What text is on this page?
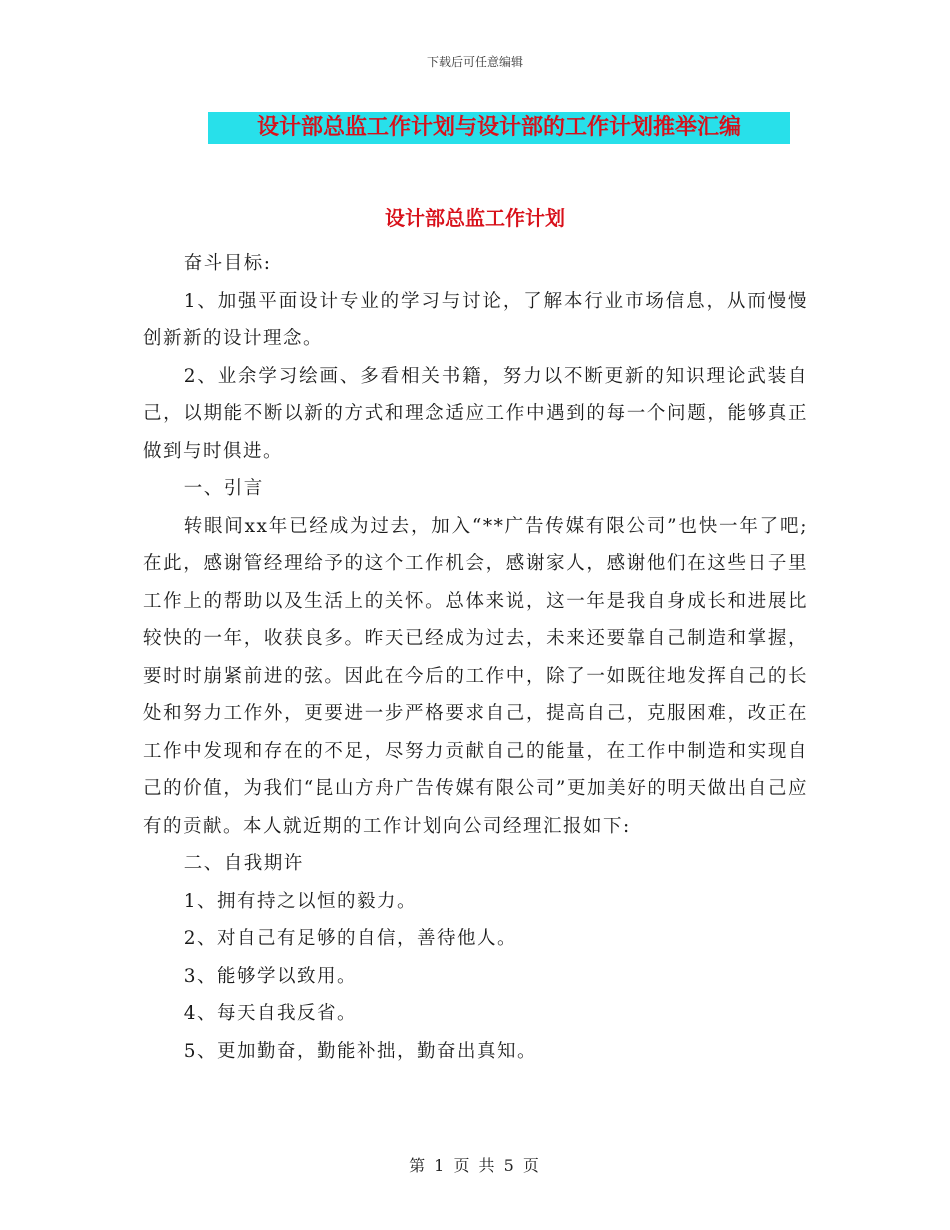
下载后可任意编辑
设计部总监工作计划与设计部的工作计划推举汇编
设计部总监工作计划

奋斗目标:

1、加强平面设计专业的学习与讨论，了解本行业市场信息，从而慢慢创新新的设计理念。

2、业余学习绘画、多看相关书籍，努力以不断更新的知识理论武装自己，以期能不断以新的方式和理念适应工作中遇到的每一个问题，能够真正做到与时俱进。

一、引言

转眼间xx年已经成为过去，加入“**广告传媒有限公司”也快一年了吧;在此，感谢管经理给予的这个工作机会，感谢家人，感谢他们在这些日子里工作上的帮助以及生活上的关怀。总体来说，这一年是我自身成长和进展比较快的一年，收获良多。昨天已经成为过去，未来还要靠自己制造和掌握，要时时崩紧前进的弦。因此在今后的工作中，除了一如既往地发挥自己的长处和努力工作外，更要进一步严格要求自己，提高自己，克服困难，改正在工作中发现和存在的不足，尽努力贡献自己的能量，在工作中制造和实现自己的价值，为我们“昆山方舟广告传媒有限公司”更加美好的明天做出自己应有的贡献。本人就近期的工作计划向公司经理汇报如下:

二、自我期许

1、拥有持之以恒的毅力。

2、对自己有足够的自信，善待他人。

3、能够学以致用。

4、每天自我反省。

5、更加勤奋，勤能补拙，勤奋出真知。

第 1 页 共 5 页
